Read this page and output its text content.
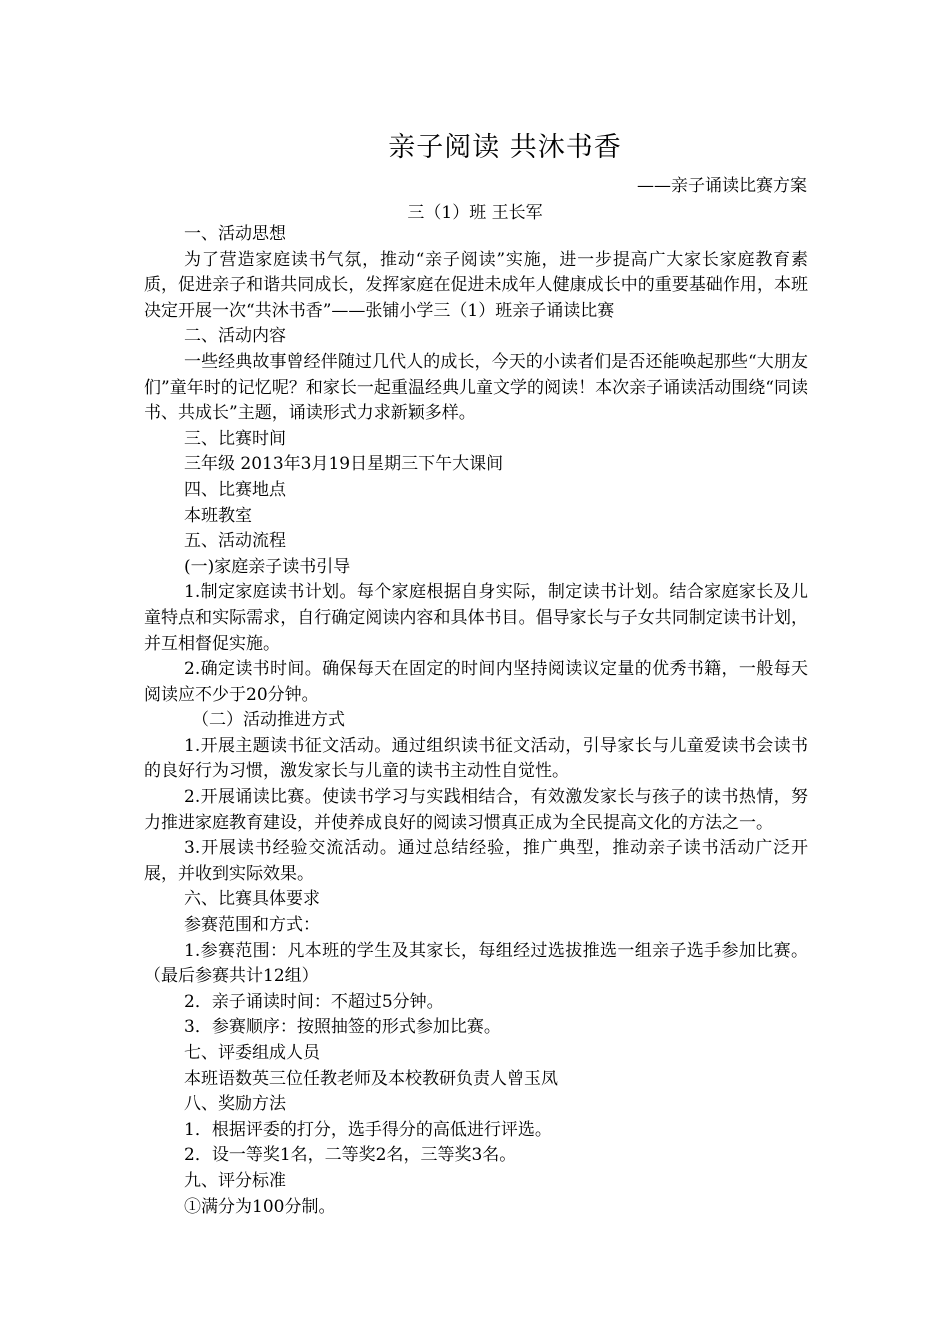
亲子阅读 共沐书香
——亲子诵读比赛方案
三（1）班 王长军

一、活动思想

为了营造家庭读书气氛，推动“亲子阅读”实施，进一步提高广大家长家庭教育素质，促进亲子和谐共同成长，发挥家庭在促进未成年人健康成长中的重要基础作用，本班决定开展一次“共沐书香”——张铺小学三（1）班亲子诵读比赛

二、活动内容

一些经典故事曾经伴随过几代人的成长，今天的小读者们是否还能唤起那些“大朋友们”童年时的记忆呢？和家长一起重温经典儿童文学的阅读！本次亲子诵读活动围绕“同读书、共成长”主题，诵读形式力求新颖多样。

三、比赛时间

三年级 2013年3月19日星期三下午大课间

四、比赛地点

本班教室

五、活动流程

(一)家庭亲子读书引导

1.制定家庭读书计划。每个家庭根据自身实际，制定读书计划。结合家庭家长及儿童特点和实际需求，自行确定阅读内容和具体书目。倡导家长与子女共同制定读书计划，并互相督促实施。

2.确定读书时间。确保每天在固定的时间内坚持阅读议定量的优秀书籍，一般每天阅读应不少于20分钟。

（二）活动推进方式

1.开展主题读书征文活动。通过组织读书征文活动，引导家长与儿童爱读书会读书的良好行为习惯，激发家长与儿童的读书主动性自觉性。

2.开展诵读比赛。使读书学习与实践相结合，有效激发家长与孩子的读书热情，努力推进家庭教育建设，并使养成良好的阅读习惯真正成为全民提高文化的方法之一。

3.开展读书经验交流活动。通过总结经验，推广典型，推动亲子读书活动广泛开展，并收到实际效果。

六、比赛具体要求

参赛范围和方式：

1.参赛范围：凡本班的学生及其家长，每组经过选拔推选一组亲子选手参加比赛。（最后参赛共计12组）

2．亲子诵读时间：不超过5分钟。

3．参赛顺序：按照抽签的形式参加比赛。

七、评委组成人员

本班语数英三位任教老师及本校教研负责人曾玉凤

八、奖励方法

1．根据评委的打分，选手得分的高低进行评选。

2．设一等奖1名，二等奖2名，三等奖3名。

九、评分标准

①满分为100分制。
